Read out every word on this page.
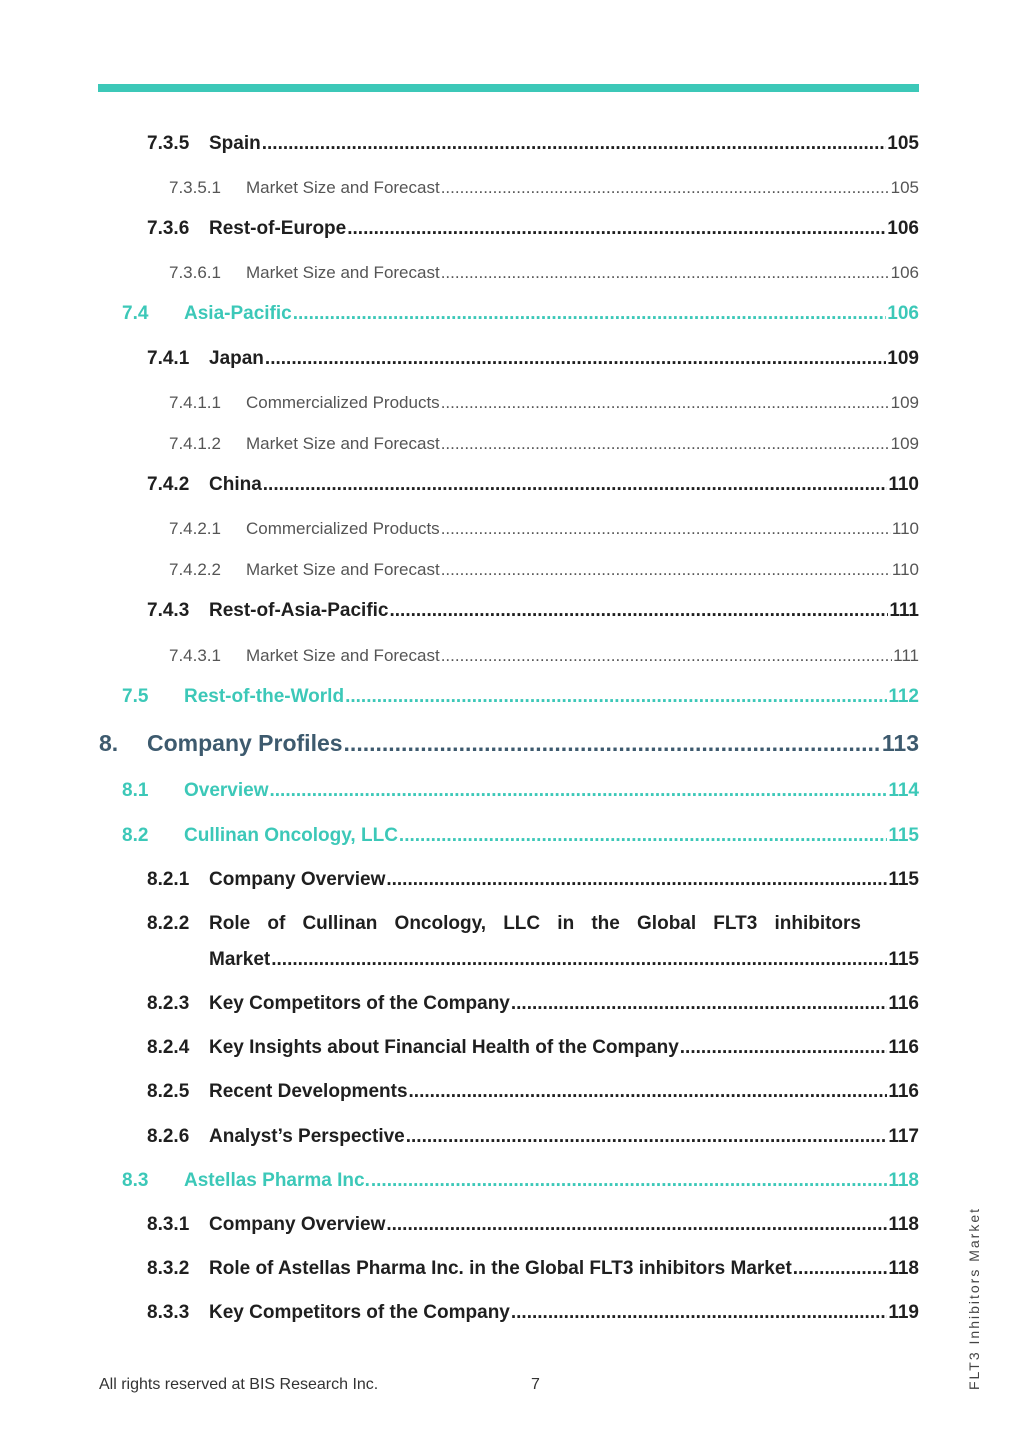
7.3.5	Spain .....	105
7.3.5.1	Market Size and Forecast .....	105
7.3.6	Rest-of-Europe .....	106
7.3.6.1	Market Size and Forecast .....	106
7.4	Asia-Pacific .....	106
7.4.1	Japan .....	109
7.4.1.1	Commercialized Products .....	109
7.4.1.2	Market Size and Forecast .....	109
7.4.2	China .....	110
7.4.2.1	Commercialized Products .....	110
7.4.2.2	Market Size and Forecast .....	110
7.4.3	Rest-of-Asia-Pacific .....	111
7.4.3.1	Market Size and Forecast .....	111
7.5	Rest-of-the-World .....	112
8.	Company Profiles .....	113
8.1	Overview .....	114
8.2	Cullinan Oncology, LLC .....	115
8.2.1	Company Overview .....	115
8.2.2	Role of Cullinan Oncology, LLC in the Global FLT3 inhibitors
Market .....	115
8.2.3	Key Competitors of the Company .....	116
8.2.4	Key Insights about Financial Health of the Company .....	116
8.2.5	Recent Developments .....	116
8.2.6	Analyst’s Perspective .....	117
8.3	Astellas Pharma Inc. .....	118
8.3.1	Company Overview .....	118
8.3.2	Role of Astellas Pharma Inc. in the Global FLT3 inhibitors Market .....	118
8.3.3	Key Competitors of the Company .....	119
All rights reserved at BIS Research Inc.	7	FLT3 Inhibitors Market
